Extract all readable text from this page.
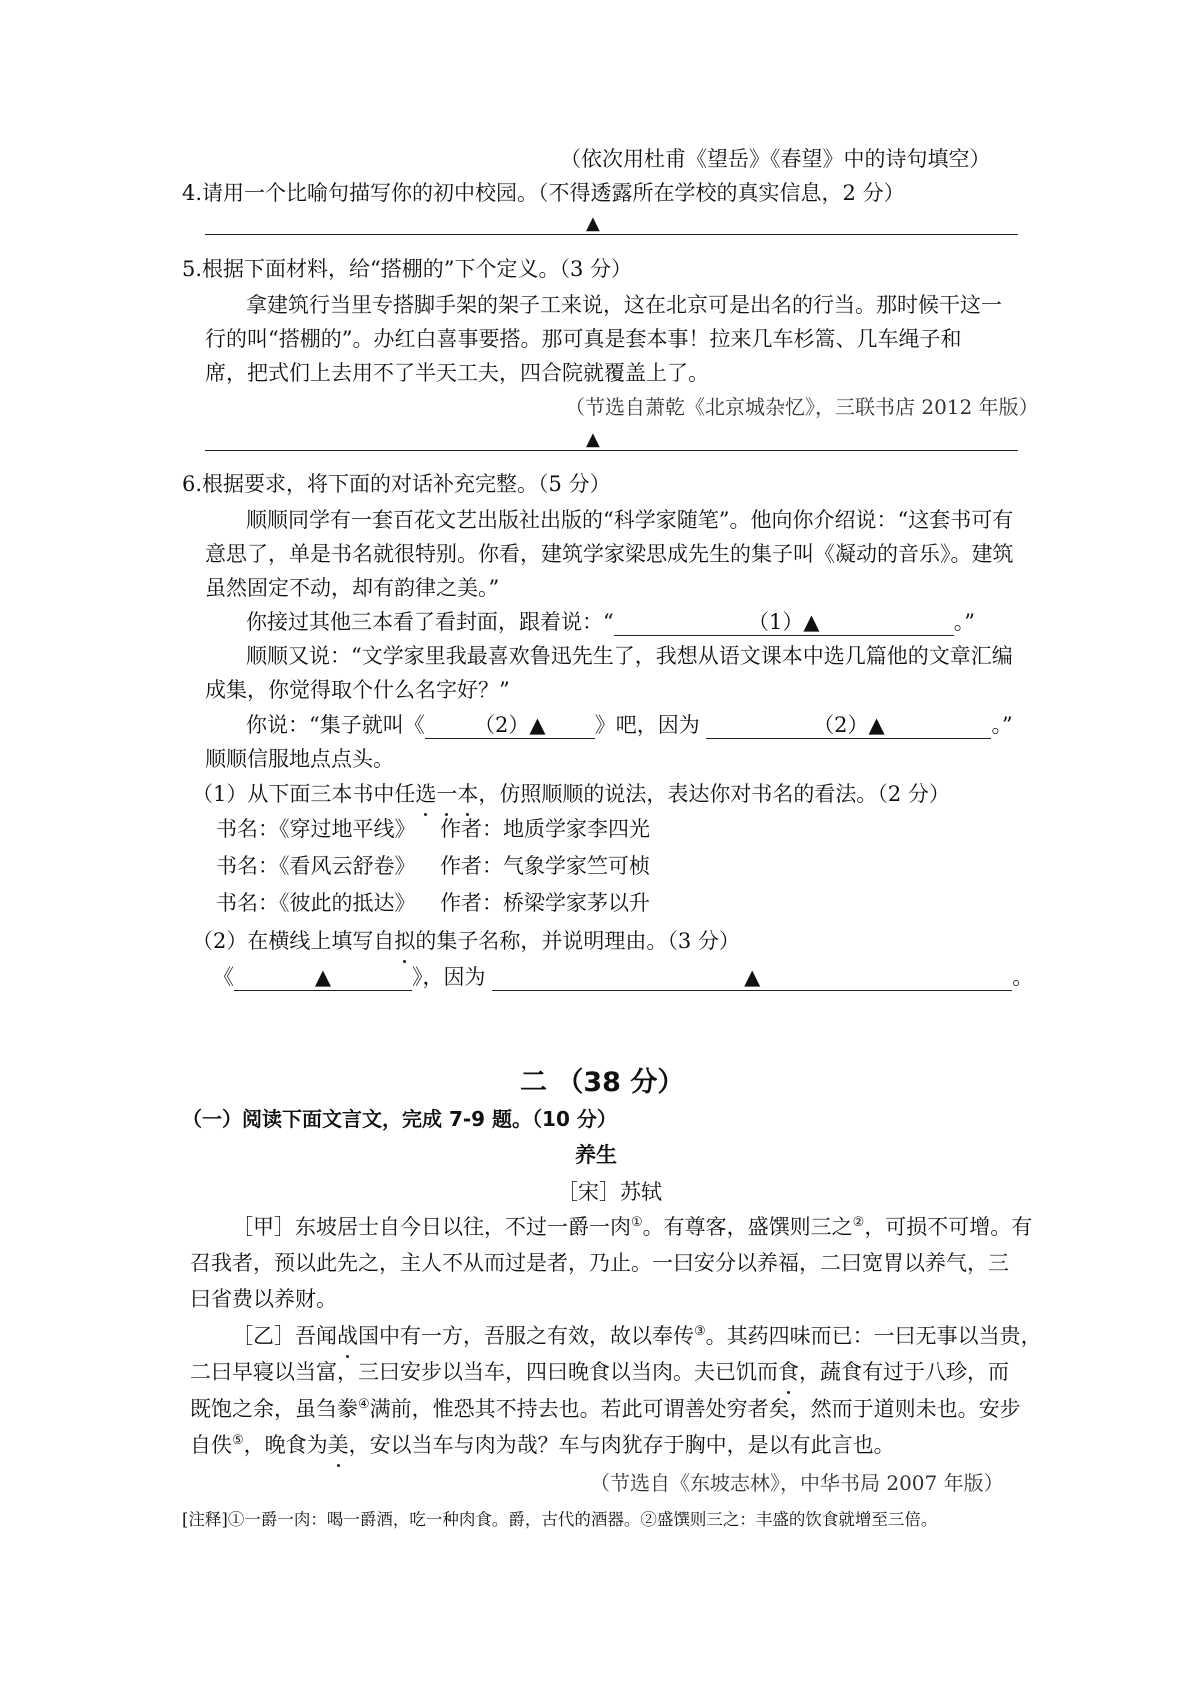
（依次用杜甫《望岳》《春望》中的诗句填空）
4.请用一个比喻句描写你的初中校园。（不得透露所在学校的真实信息，2 分）
▲
5.根据下面材料，给“搭棚的”下个定义。（3 分）
拿建筑行当里专搭脚手架的架子工来说，这在北京可是出名的行当。那时候干这一
行的叫“搭棚的”。办红白喜事要搭。那可真是套本事！拉来几车杉篙、几车绳子和
席，把式们上去用不了半天工夫，四合院就覆盖上了。
（节选自萧乾《北京城杂忆》，三联书店 2012 年版）
▲
6.根据要求，将下面的对话补充完整。（5 分）
顺顺同学有一套百花文艺出版社出版的“科学家随笔”。他向你介绍说：“这套书可有
意思了，单是书名就很特别。你看，建筑学家梁思成先生的集子叫《凝动的音乐》。建筑
虽然固定不动，却有韵律之美。”
你接过其他三本看了看封面，跟着说：“	（1）▲	。”
顺顺又说：“文学家里我最喜欢鲁迅先生了，我想从语文课本中选几篇他的文章汇编
成集，你觉得取个什么名字好？”
你说：“集子就叫《 （2）▲ 》吧，因为	（2）▲	。”
顺顺信服地点点头。
（1）从下面三本书中任选一本，仿照顺顺的说法，表达你对书名的看法。（2 分）
书名：《穿过地平线》 作者：地质学家李四光
书名：《看风云舒卷》 作者：气象学家竺可桢
书名：《彼此的抵达》 作者：桥梁学家茅以升
（2）在横线上填写自拟的集子名称，并说明理由。（3 分）
《	▲	》，因为	▲	。
二 （38 分）
（一）阅读下面文言文，完成 7-9 题。（10 分）
养生
［宋］苏轼
［甲］东坡居士自今日以往，不过一爵一肉①。有尊客，盛馔则三之②，可损不可增。有
召我者，预以此先之，主人不从而过是者，乃止。一曰安分以养福，二曰宽胃以养气，三
曰省费以养财。
［乙］吾闻战国中有一方，吾服之有效，故以奉传③。其药四味而已：一曰无事以当贵，
二曰早寝以当富，三曰安步以当车，四曰晚食以当肉。夫已饥而食，蔬食有过于八珍，而
既饱之余，虽刍豢④满前，惟恐其不持去也。若此可谓善处穷者矣，然而于道则未也。安步
自佚⑤，晚食为美，安以当车与肉为哉？车与肉犹存于胸中，是以有此言也。
（节选自《东坡志林》，中华书局 2007 年版）
[注释]①一爵一肉：喝一爵酒，吃一种肉食。爵，古代的酒器。②盛馔则三之：丰盛的饮食就增至三倍。
